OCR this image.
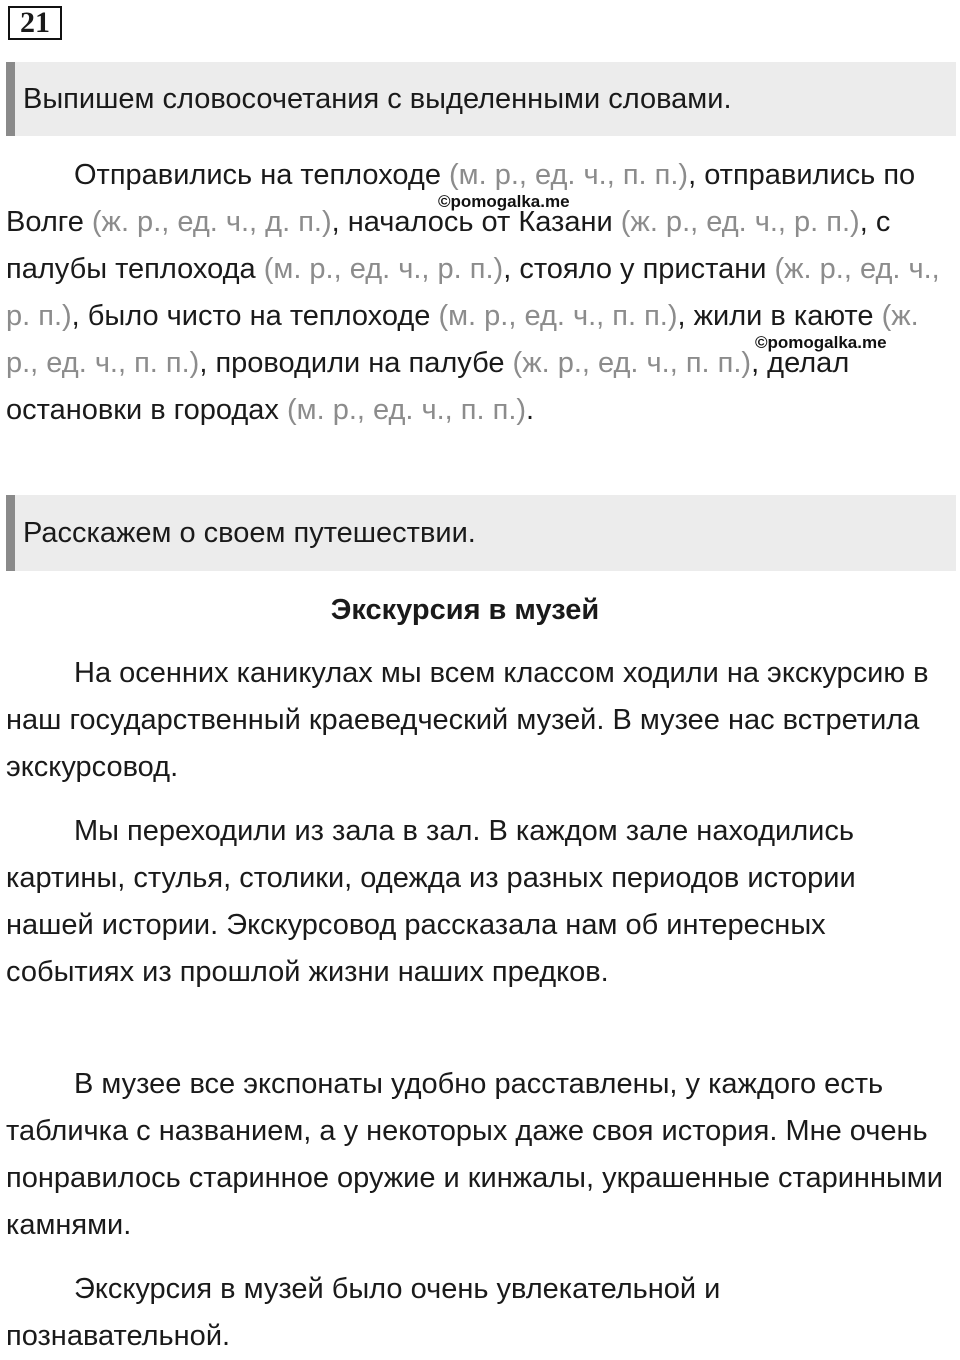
21
Выпишем словосочетания с выделенными словами.

Отправились на теплоходе (м. р., ед. ч., п. п.), отправились по Волге (ж. р., ед. ч., д. п.), началось от Казани (ж. р., ед. ч., р. п.), с палубы теплохода (м. р., ед. ч., р. п.), стояло у пристани (ж. р., ед. ч., р. п.), было чисто на теплоходе (м. р., ед. ч., п. п.), жили в каюте (ж. р., ед. ч., п. п.), проводили на палубе (ж. р., ед. ч., п. п.), делал остановки в городах (м. р., ед. ч., п. п.).

©pomogalka.me
©pomogalka.me
Расскажем о своем путешествии.
Экскурсия в музей

На осенних каникулах мы всем классом ходили на экскурсию в наш государственный краеведческий музей. В музее нас встретила экскурсовод.

Мы переходили из зала в зал. В каждом зале находились картины, стулья, столики, одежда из разных периодов истории нашей истории. Экскурсовод рассказала нам об интересных событиях из прошлой жизни наших предков.

В музее все экспонаты удобно расставлены, у каждого есть табличка с названием, а у некоторых даже своя история. Мне очень понравилось старинное оружие и кинжалы, украшенные старинными камнями.

Экскурсия в музей было очень увлекательной и познавательной.
